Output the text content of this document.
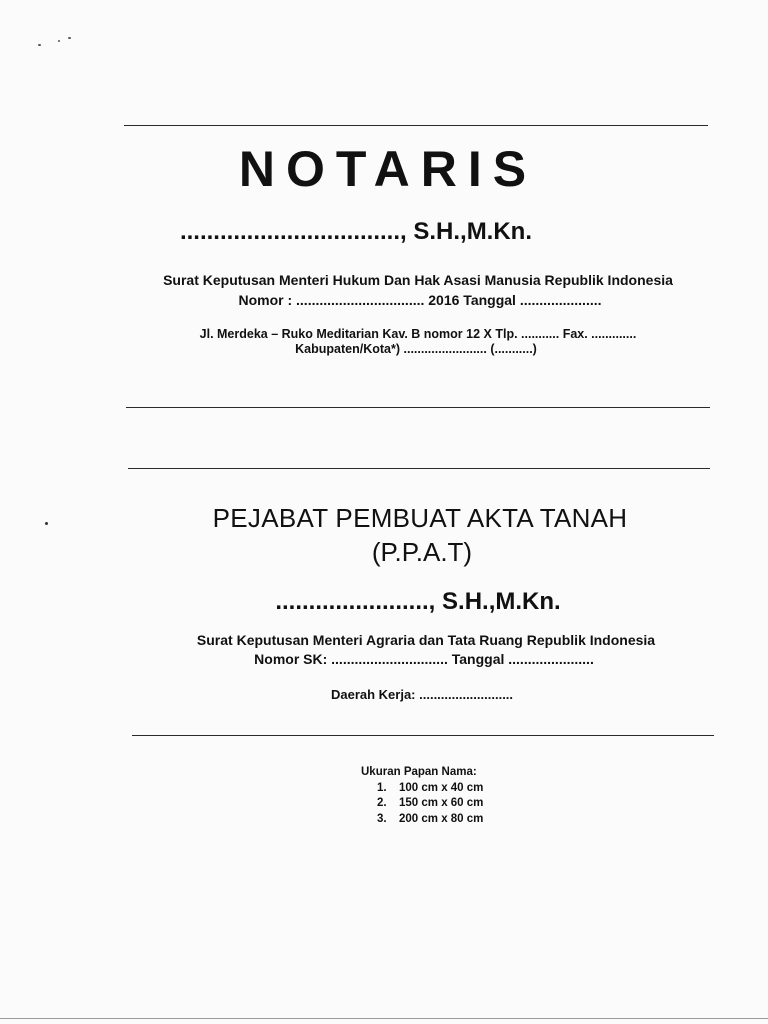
NOTARIS
................................., S.H.,M.Kn.
Surat Keputusan Menteri Hukum Dan Hak Asasi Manusia Republik Indonesia
Nomor : ................................. 2016 Tanggal .....................
Jl. Merdeka – Ruko Meditarian Kav. B nomor 12 X Tlp. ........... Fax. .............
Kabupaten/Kota*) ........................ (...........)
PEJABAT PEMBUAT AKTA TANAH
(P.P.A.T)
......................., S.H.,M.Kn.
Surat Keputusan Menteri Agraria dan Tata Ruang Republik Indonesia
Nomor SK: .............................. Tanggal ......................
Daerah Kerja: ..........................
Ukuran Papan Nama:
1. 100 cm x 40 cm
2. 150 cm x 60 cm
3. 200 cm x 80 cm
